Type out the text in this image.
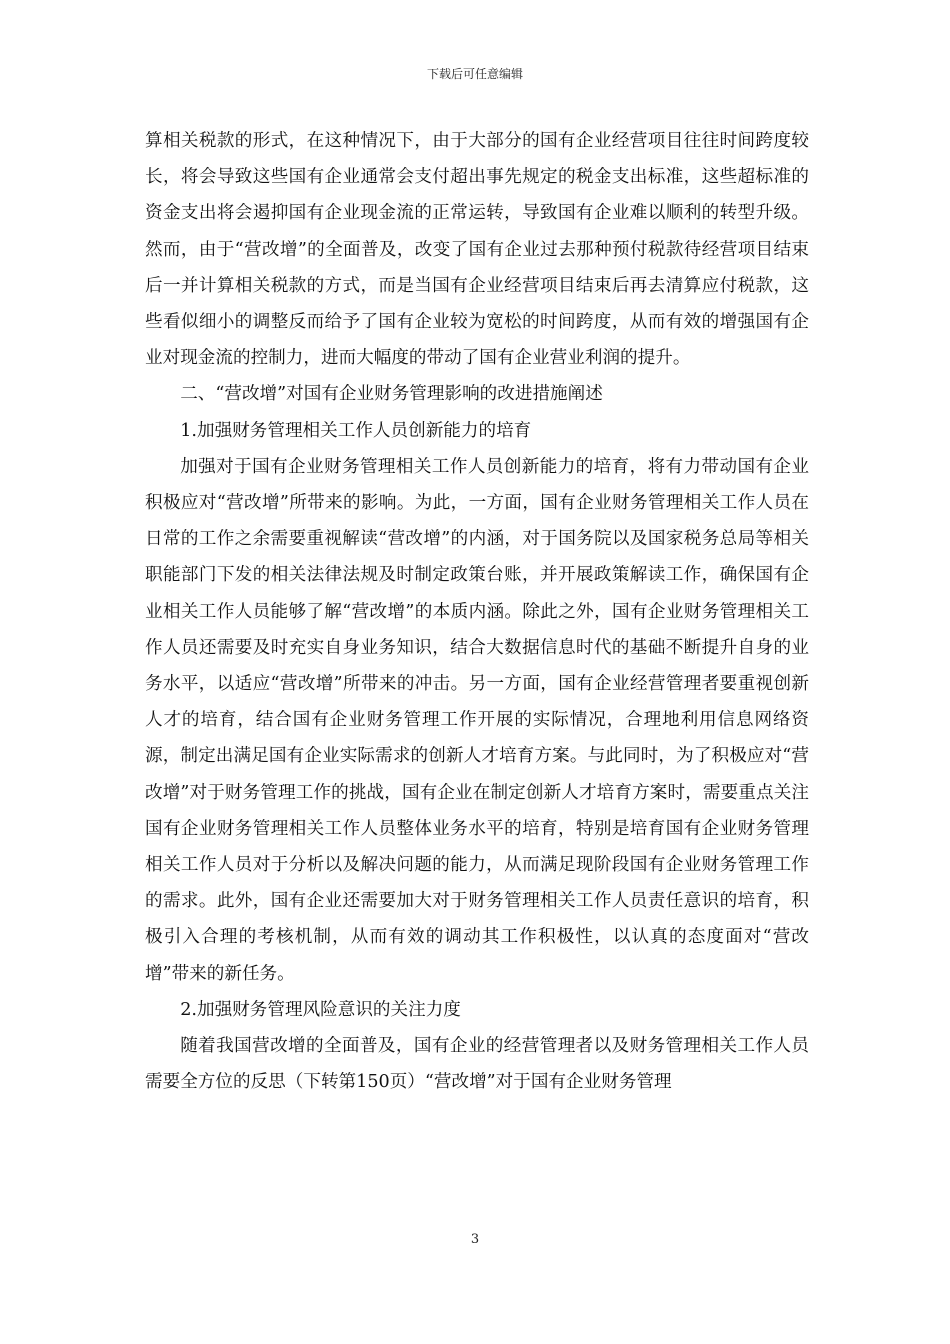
下载后可任意编辑

算相关税款的形式，在这种情况下，由于大部分的国有企业经营项目往往时间跨度较长，将会导致这些国有企业通常会支付超出事先规定的税金支出标准，这些超标准的资金支出将会遏抑国有企业现金流的正常运转，导致国有企业难以顺利的转型升级。然而，由于“营改增”的全面普及，改变了国有企业过去那种预付税款待经营项目结束后一并计算相关税款的方式，而是当国有企业经营项目结束后再去清算应付税款，这些看似细小的调整反而给予了国有企业较为宽松的时间跨度，从而有效的增强国有企业对现金流的控制力，进而大幅度的带动了国有企业营业利润的提升。

二、“营改增”对国有企业财务管理影响的改进措施阐述

1.加强财务管理相关工作人员创新能力的培育

加强对于国有企业财务管理相关工作人员创新能力的培育，将有力带动国有企业积极应对“营改增”所带来的影响。为此，一方面，国有企业财务管理相关工作人员在日常的工作之余需要重视解读“营改增”的内涵，对于国务院以及国家税务总局等相关职能部门下发的相关法律法规及时制定政策台账，并开展政策解读工作，确保国有企业相关工作人员能够了解“营改增”的本质内涵。除此之外，国有企业财务管理相关工作人员还需要及时充实自身业务知识，结合大数据信息时代的基础不断提升自身的业务水平，以适应“营改增”所带来的冲击。另一方面，国有企业经营管理者要重视创新人才的培育，结合国有企业财务管理工作开展的实际情况，合理地利用信息网络资源，制定出满足国有企业实际需求的创新人才培育方案。与此同时，为了积极应对“营改增”对于财务管理工作的挑战，国有企业在制定创新人才培育方案时，需要重点关注国有企业财务管理相关工作人员整体业务水平的培育，特别是培育国有企业财务管理相关工作人员对于分析以及解决问题的能力，从而满足现阶段国有企业财务管理工作的需求。此外，国有企业还需要加大对于财务管理相关工作人员责任意识的培育，积极引入合理的考核机制，从而有效的调动其工作积极性，以认真的态度面对“营改增”带来的新任务。

2.加强财务管理风险意识的关注力度

随着我国营改增的全面普及，国有企业的经营管理者以及财务管理相关工作人员需要全方位的反思（下转第150页）“营改增”对于国有企业财务管理

3
